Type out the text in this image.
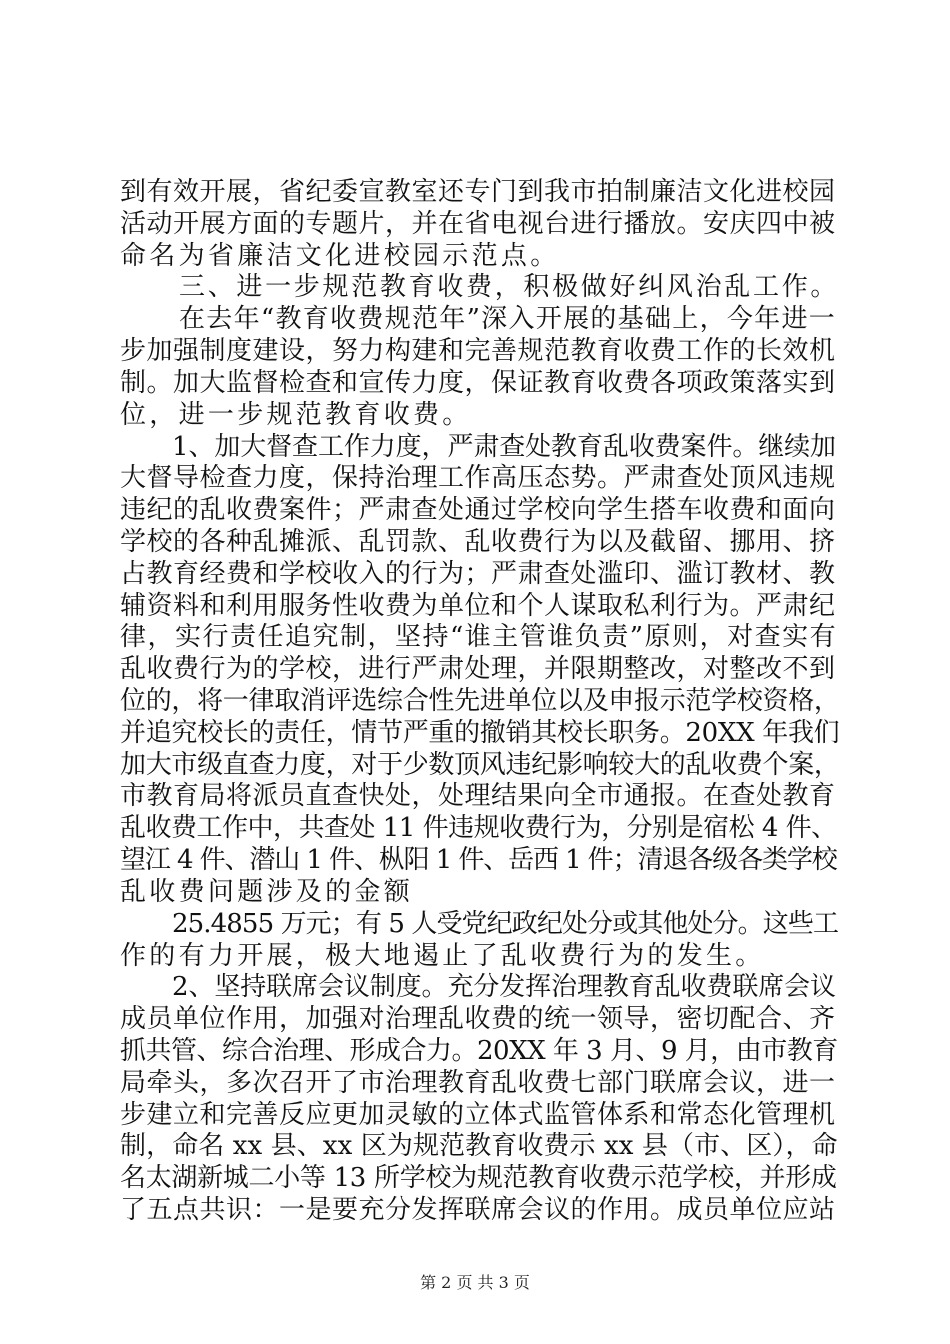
到有效开展，省纪委宣教室还专门到我市拍制廉洁文化进校园
活动开展方面的专题片，并在省电视台进行播放。安庆四中被
命名为省廉洁文化进校园示范点。
三、进一步规范教育收费，积极做好纠风治乱工作。
在去年“教育收费规范年”深入开展的基础上，今年进一
步加强制度建设，努力构建和完善规范教育收费工作的长效机
制。加大监督检查和宣传力度，保证教育收费各项政策落实到
位，进一步规范教育收费。
1、加大督查工作力度，严肃查处教育乱收费案件。继续加
大督导检查力度，保持治理工作高压态势。严肃查处顶风违规
违纪的乱收费案件；严肃查处通过学校向学生搭车收费和面向
学校的各种乱摊派、乱罚款、乱收费行为以及截留、挪用、挤
占教育经费和学校收入的行为；严肃查处滥印、滥订教材、教
辅资料和利用服务性收费为单位和个人谋取私利行为。严肃纪
律，实行责任追究制，坚持“谁主管谁负责”原则，对查实有
乱收费行为的学校，进行严肃处理，并限期整改，对整改不到
位的，将一律取消评选综合性先进单位以及申报示范学校资格，
并追究校长的责任，情节严重的撤销其校长职务。20XX 年我们
加大市级直查力度，对于少数顶风违纪影响较大的乱收费个案，
市教育局将派员直查快处，处理结果向全市通报。在查处教育
乱收费工作中，共查处 11 件违规收费行为，分别是宿松 4 件、
望江 4 件、潜山 1 件、枞阳 1 件、岳西 1 件；清退各级各类学校
乱收费问题涉及的金额
25.4855 万元；有 5 人受党纪政纪处分或其他处分。这些工
作的有力开展，极大地遏止了乱收费行为的发生。
2、坚持联席会议制度。充分发挥治理教育乱收费联席会议
成员单位作用，加强对治理乱收费的统一领导，密切配合、齐
抓共管、综合治理、形成合力。20XX 年 3 月、9 月，由市教育
局牵头，多次召开了市治理教育乱收费七部门联席会议，进一
步建立和完善反应更加灵敏的立体式监管体系和常态化管理机
制，命名 xx 县、xx 区为规范教育收费示 xx 县（市、区），命
名太湖新城二小等 13 所学校为规范教育收费示范学校，并形成
了五点共识：一是要充分发挥联席会议的作用。成员单位应站
第 2 页 共 3 页
